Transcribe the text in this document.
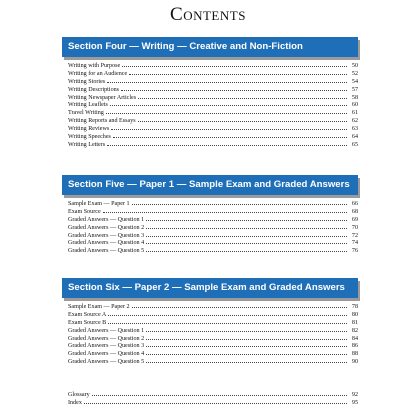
Contents
Section Four — Writing — Creative and Non-Fiction
Writing with Purpose	50
Writing for an Audience	52
Writing Stories	54
Writing Descriptions	57
Writing Newspaper Articles	58
Writing Leaflets	60
Travel Writing	61
Writing Reports and Essays	62
Writing Reviews	63
Writing Speeches	64
Writing Letters	65
Section Five — Paper 1 — Sample Exam and Graded Answers
Sample Exam — Paper 1	66
Exam Source	68
Graded Answers — Question 1	69
Graded Answers — Question 2	70
Graded Answers — Question 3	72
Graded Answers — Question 4	74
Graded Answers — Question 5	76
Section Six — Paper 2 — Sample Exam and Graded Answers
Sample Exam — Paper 2	78
Exam Source A	80
Exam Source B	81
Graded Answers — Question 1	82
Graded Answers — Question 2	84
Graded Answers — Question 3	86
Graded Answers — Question 4	88
Graded Answers — Question 5	90
Glossary	92
Index	95
